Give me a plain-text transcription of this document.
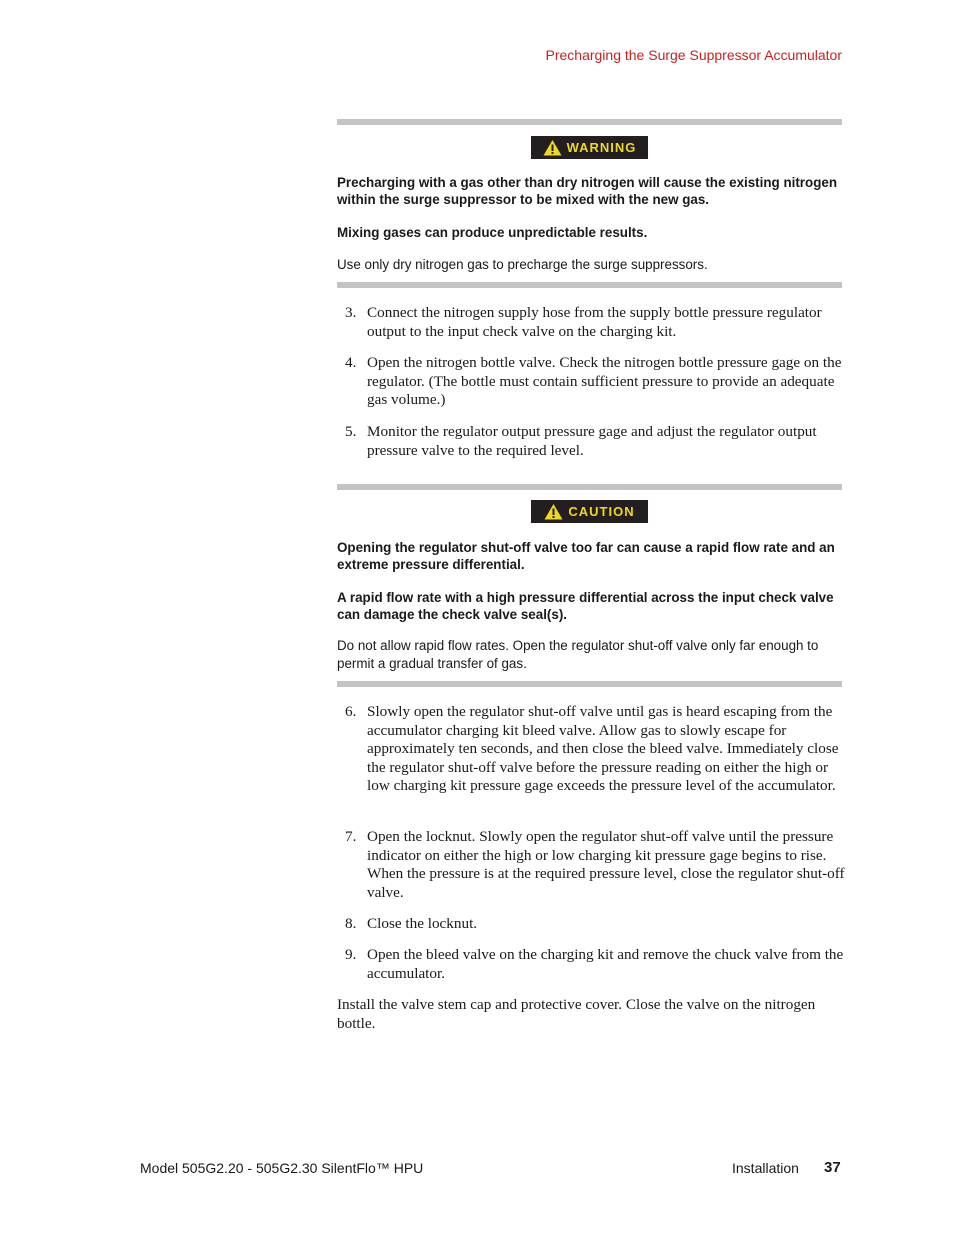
Precharging the Surge Suppressor Accumulator
WARNING

Precharging with a gas other than dry nitrogen will cause the existing nitrogen within the surge suppressor to be mixed with the new gas.

Mixing gases can produce unpredictable results.

Use only dry nitrogen gas to precharge the surge suppressors.

3. Connect the nitrogen supply hose from the supply bottle pressure regulator output to the input check valve on the charging kit.
4. Open the nitrogen bottle valve. Check the nitrogen bottle pressure gage on the regulator. (The bottle must contain sufficient pressure to provide an adequate gas volume.)
5. Monitor the regulator output pressure gage and adjust the regulator output pressure valve to the required level.
CAUTION

Opening the regulator shut-off valve too far can cause a rapid flow rate and an extreme pressure differential.

A rapid flow rate with a high pressure differential across the input check valve can damage the check valve seal(s).

Do not allow rapid flow rates. Open the regulator shut-off valve only far enough to permit a gradual transfer of gas.

6. Slowly open the regulator shut-off valve until gas is heard escaping from the accumulator charging kit bleed valve. Allow gas to slowly escape for approximately ten seconds, and then close the bleed valve. Immediately close the regulator shut-off valve before the pressure reading on either the high or low charging kit pressure gage exceeds the pressure level of the accumulator.
7. Open the locknut. Slowly open the regulator shut-off valve until the pressure indicator on either the high or low charging kit pressure gage begins to rise. When the pressure is at the required pressure level, close the regulator shut-off valve.
8. Close the locknut.
9. Open the bleed valve on the charging kit and remove the chuck valve from the accumulator.

Install the valve stem cap and protective cover. Close the valve on the nitrogen bottle.

Model 505G2.20 - 505G2.30 SilentFlo™ HPU	Installation 37
